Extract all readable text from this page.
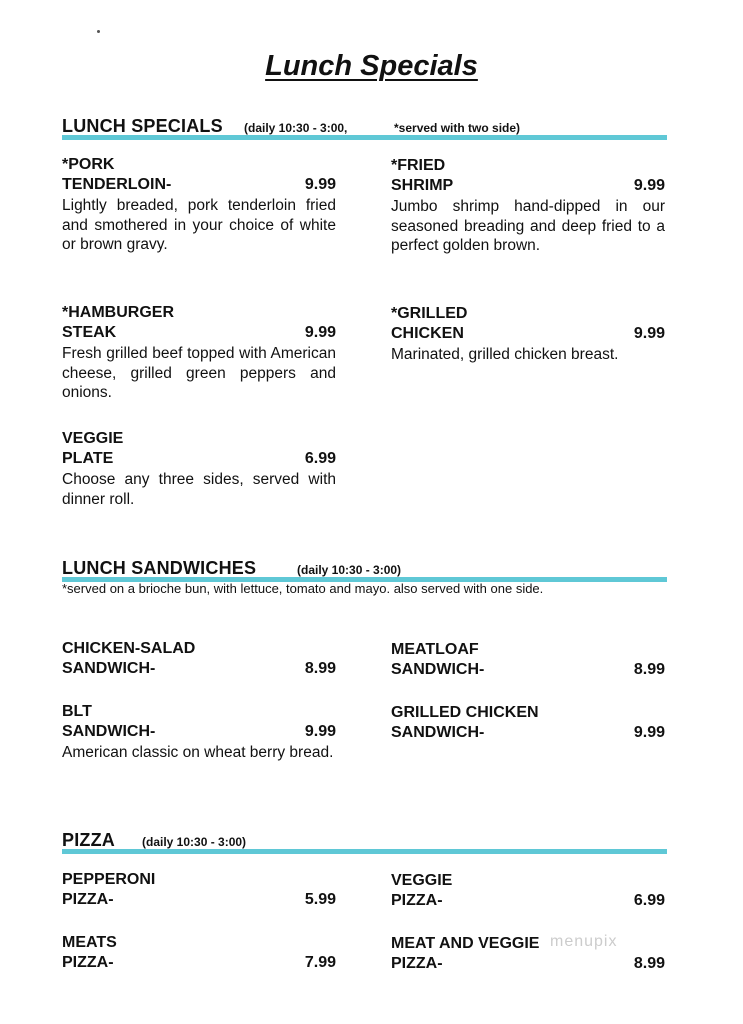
Lunch Specials
LUNCH SPECIALS (daily 10:30 - 3:00,	*served with two side)
*PORK
TENDERLOIN-	9.99
Lightly breaded, pork tenderloin fried and smothered in your choice of white or brown gravy.
*FRIED
SHRIMP	9.99
Jumbo shrimp hand-dipped in our seasoned breading and deep fried to a perfect golden brown.
*HAMBURGER
STEAK	9.99
Fresh grilled beef topped with American cheese, grilled green peppers and onions.
*GRILLED
CHICKEN	9.99
Marinated, grilled chicken breast.
VEGGIE
PLATE	6.99
Choose any three sides, served with dinner roll.
LUNCH SANDWICHES	(daily 10:30 - 3:00)
*served on a brioche bun, with lettuce, tomato and mayo. also served with one side.
CHICKEN-SALAD
SANDWICH-	8.99
MEATLOAF
SANDWICH-	8.99
BLT
SANDWICH-	9.99
American classic on wheat berry bread.
GRILLED CHICKEN
SANDWICH-	9.99
PIZZA (daily 10:30 - 3:00)
PEPPERONI
PIZZA-	5.99
VEGGIE
PIZZA-	6.99
MEATS
PIZZA-	7.99
MEAT AND VEGGIE
PIZZA-	8.99
menupix
